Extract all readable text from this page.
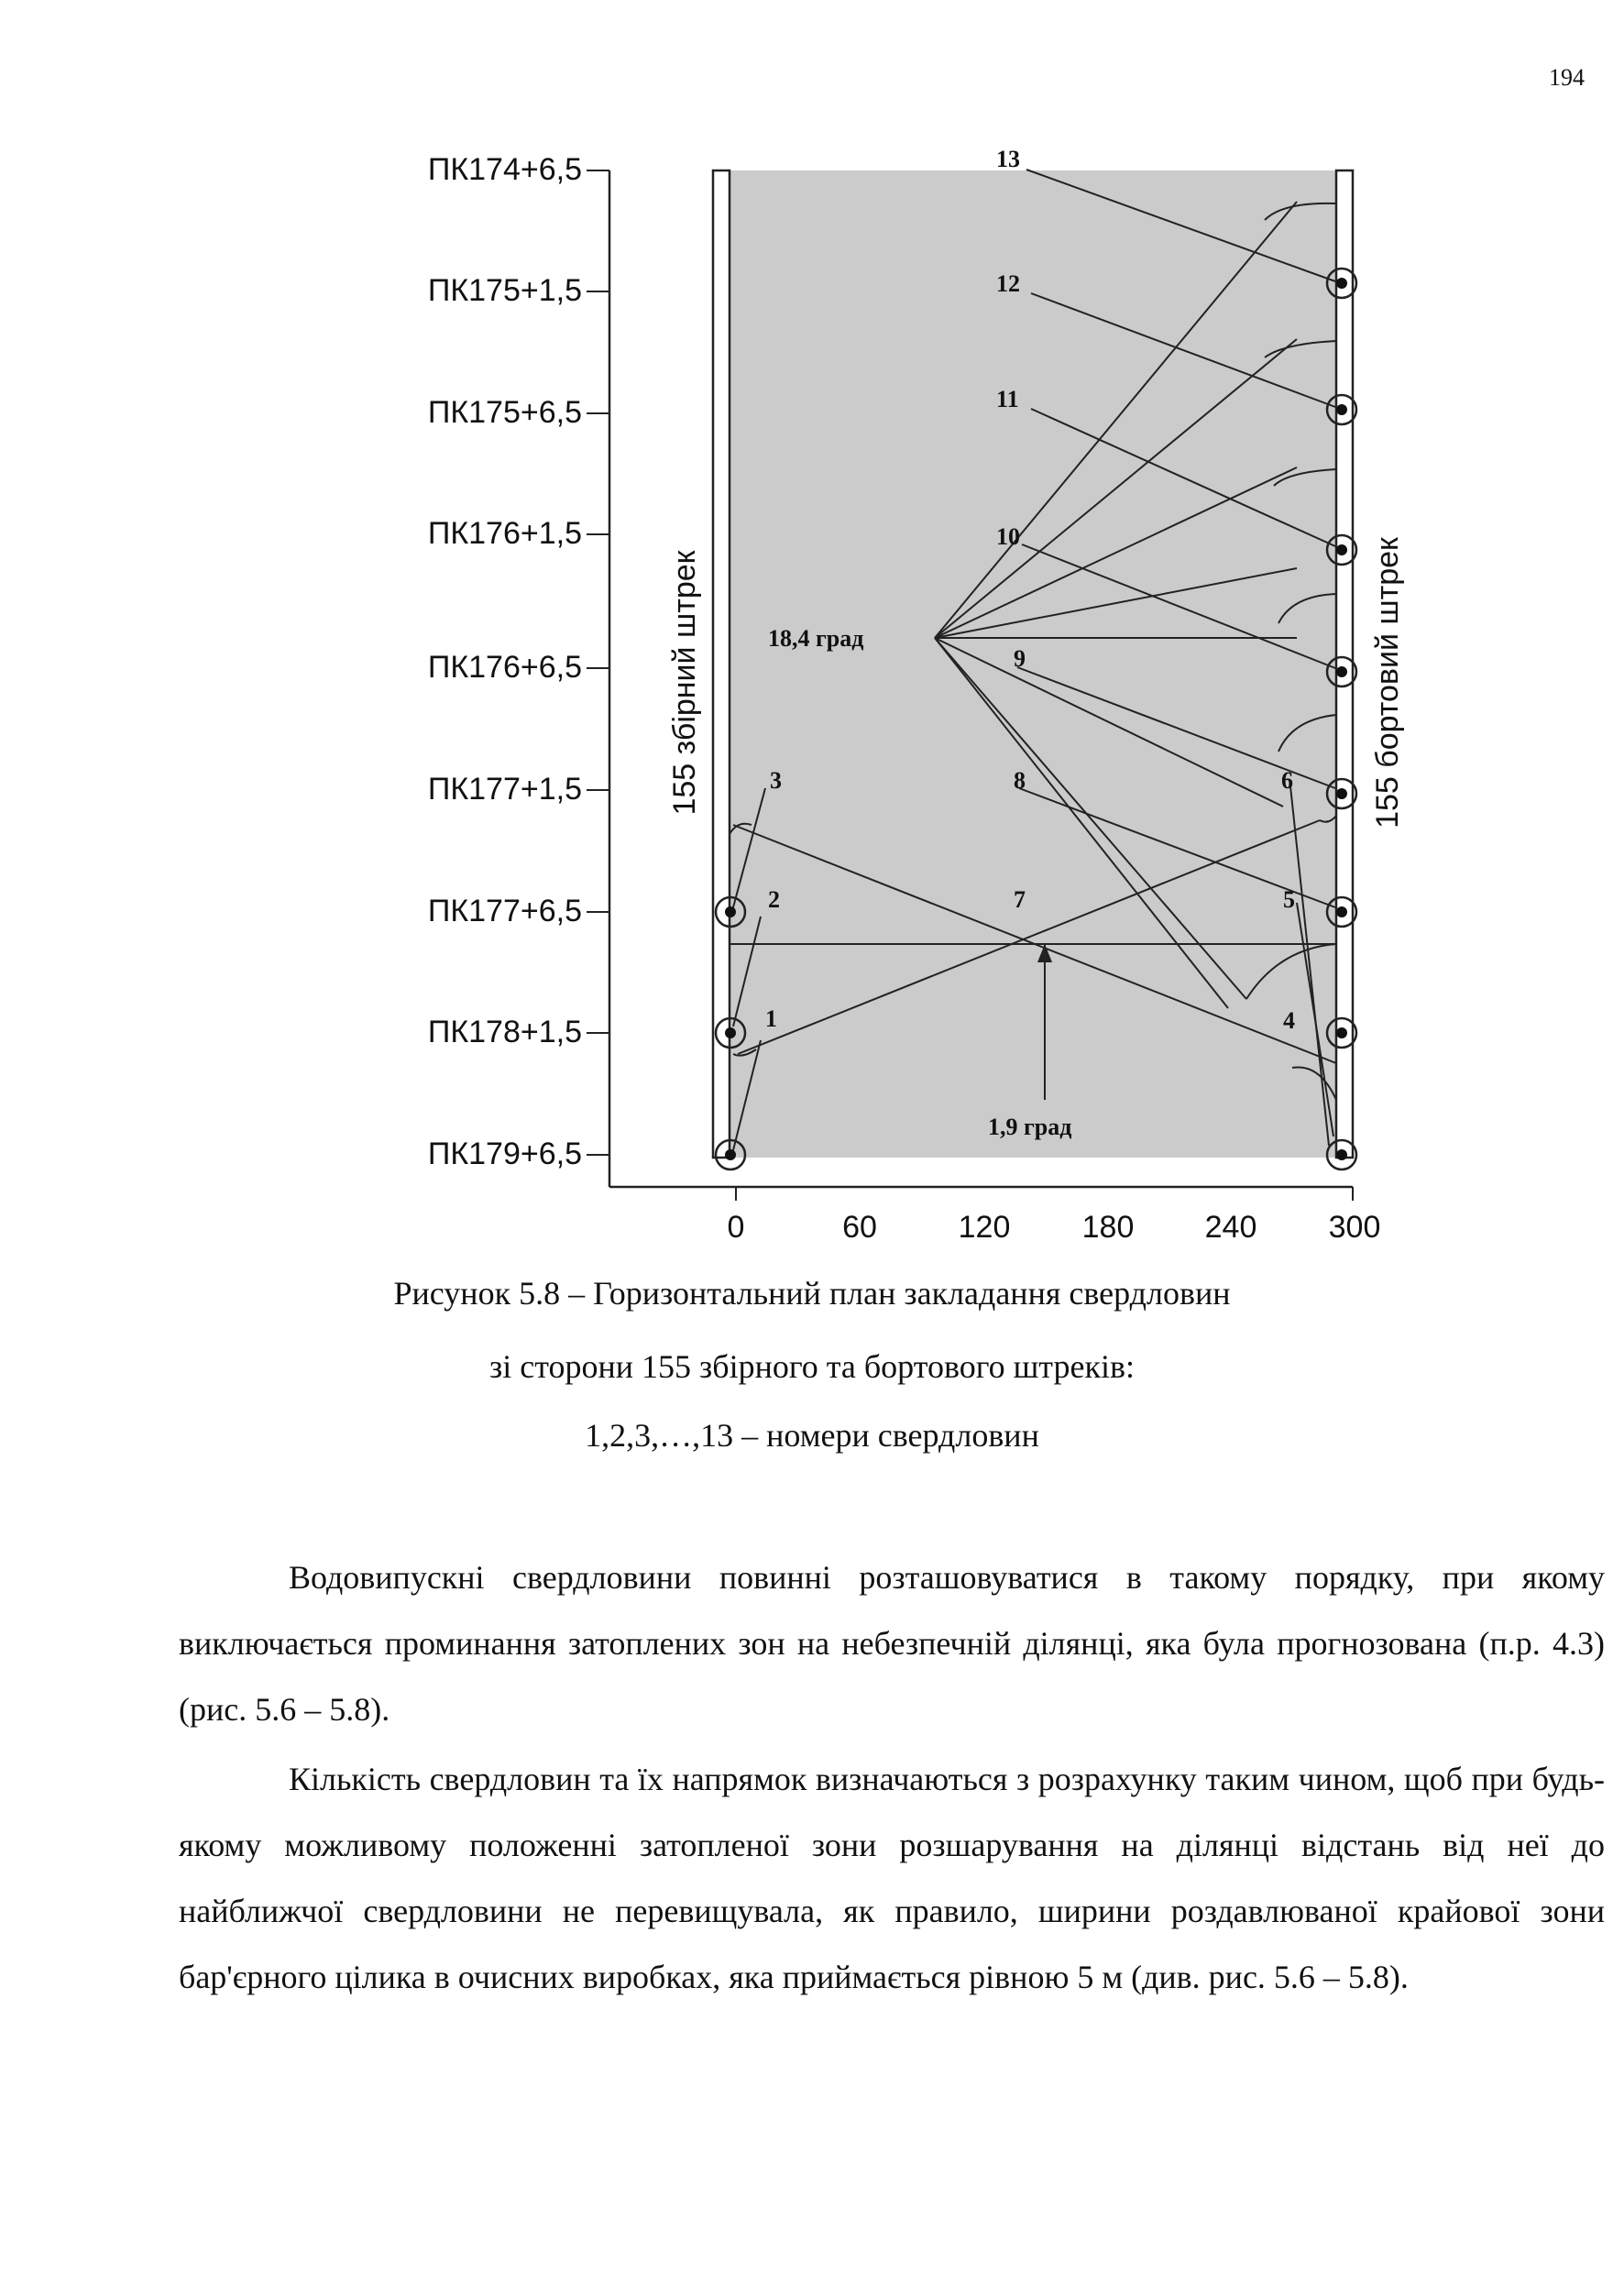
194
ПК174+6,5
ПК175+1,5
ПК175+6,5
ПК176+1,5
ПК176+6,5
ПК177+1,5
ПК177+6,5
ПК178+1,5
ПК179+6,5
0	60	120 180 240 300
155 збірний штрек	155 бортовий штрек
18,4 град
1,9 град
1
2
3
4
5
6
7
8
9
10
11
12
13
Рисунок 5.8 – Горизонтальний план закладання свердловин
зі сторони 155 збірного та бортового штреків:
1,2,3,…,13 – номери свердловин

Водовипускні свердловини повинні розташовуватися в такому порядку, при якому виключається проминання затоплених зон на небезпечній ділянці, яка була прогнозована (п.р. 4.3) (рис. 5.6 – 5.8).

Кількість свердловин та їх напрямок визначаються з розрахунку таким чином, щоб при будь-якому можливому положенні затопленої зони розшарування на ділянці відстань від неї до найближчої свердловини не перевищувала, як правило, ширини роздавлюваної крайової зони бар'єрного цілика в очисних виробках, яка приймається рівною 5 м (див. рис. 5.6 – 5.8).
